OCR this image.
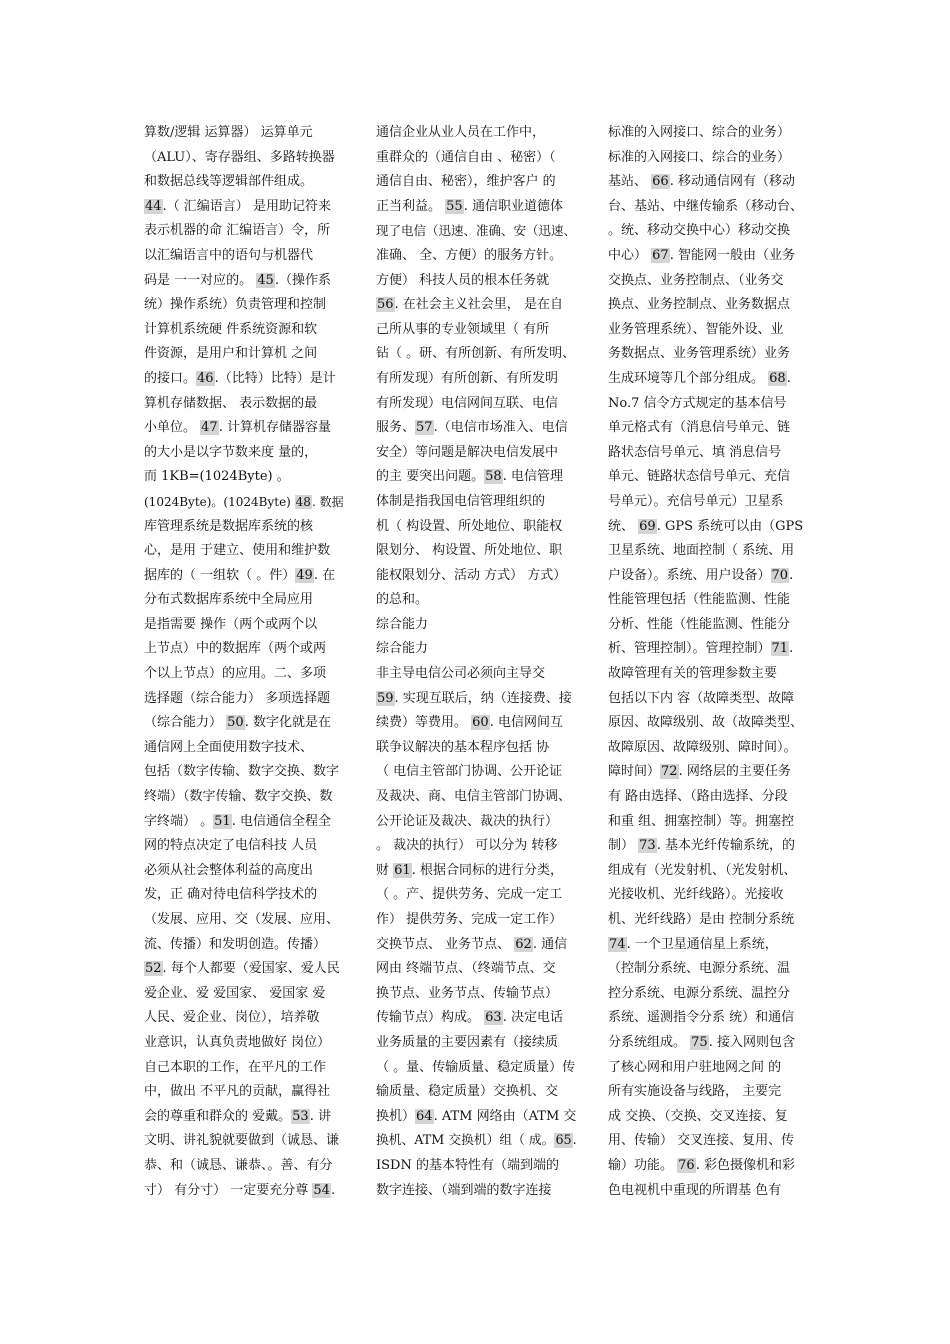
算数/逻辑 运算器） 运算单元
（ALU）、寄存器组、多路转换器
和数据总线等逻辑部件组成。
44.（ 汇编语言） 是用助记符来
表示机器的命 汇编语言）令，所
以汇编语言中的语句与机器代
码是 一一对应的。 45.（操作系
统）操作系统）负责管理和控制
计算机系统硬 件系统资源和软
件资源，是用户和计算机 之间
的接口。46.（比特）比特）是计
算机存储数据、 表示数据的最
小单位。 47. 计算机存储器容量
的大小是以字节数来度 量的，
而 1KB=(1024Byte) 。
(1024Byte)。(1024Byte) 48. 数据
库管理系统是数据库系统的核
心，是用 于建立、使用和维护数
据库的（ 一组软（ 。件）49. 在
分布式数据库系统中全局应用
是指需要 操作（两个或两个以
上节点）中的数据库（两个或两
个以上节点）的应用。二、多项
选择题（综合能力） 多项选择题
（综合能力） 50. 数字化就是在
通信网上全面使用数字技术、
包括（数字传输、数字交换、数字
终端）（数字传输、数字交换、数
字终端） 。51. 电信通信全程全
网的特点决定了电信科技 人员
必须从社会整体利益的高度出
发，正 确对待电信科学技术的
（发展、应用、交（发展、应用、
流、传播）和发明创造。传播）
52. 每个人都要（爱国家、爱人民
爱企业、爱 爱国家、 爱国家 爱
人民、爱企业、岗位），培养敬
业意识，认真负责地做好 岗位）
自己本职的工作，在平凡的工作
中，做出 不平凡的贡献，赢得社
会的尊重和群众的 爱戴。53. 讲
文明、讲礼貌就要做到（诚恳、谦
恭、和（诚恳、谦恭、。善、有分
寸） 有分寸） 一定要充分尊 54.
通信企业从业人员在工作中，
重群众的（通信自由 、秘密）（
通信自由、秘密），维护客户 的
正当利益。 55. 通信职业道德体
现了电信（迅速、准确、安（迅速、
准确、 全、方便）的服务方针。
方便） 科技人员的根本任务就
56. 在社会主义社会里， 是在自
己所从事的专业领域里（ 有所
钻（ 。研、有所创新、有所发明、
有所发现）有所创新、有所发明
有所发现）电信网间互联、电信
服务、57.（电信市场准入、电信
安全）等问题是解决电信发展中
的主 要突出问题。58. 电信管理
体制是指我国电信管理组织的
机（ 构设置、所处地位、职能权
限划分、 构设置、所处地位、职
能权限划分、活动 方式） 方式）
的总和。
综合能力
综合能力
非主导电信公司必须向主导交
59. 实现互联后，纳（连接费、接
续费）等费用。 60. 电信网间互
联争议解决的基本程序包括 协
（ 电信主管部门协调、公开论证
及裁决、商、电信主管部门协调、
公开论证及裁决、裁决的执行）
。 裁决的执行） 可以分为 转移
财 61. 根据合同标的进行分类，
（ 。产、提供劳务、完成一定工
作） 提供劳务、完成一定工作）
交换节点、 业务节点、 62. 通信
网由 终端节点、（终端节点、交
换节点、业务节点、传输节点）
传输节点）构成。 63. 决定电话
业务质量的主要因素有（接续质
（ 。量、传输质量、稳定质量）传
输质量、稳定质量）交换机、交
换机）64. ATM 网络由（ATM 交
换机、ATM 交换机）组（ 成。65.
ISDN 的基本特性有（端到端的
数字连接、（端到端的数字连接
标准的入网接口、综合的业务）
标准的入网接口、综合的业务）
基站、 66. 移动通信网有（移动
台、基站、中继传输系（移动台、
。统、移动交换中心）移动交换
中心） 67. 智能网一般由（业务
交换点、业务控制点、（业务交
换点、业务控制点、业务数据点
业务管理系统）、智能外设、业
务数据点、业务管理系统）业务
生成环境等几个部分组成。 68.
No.7 信令方式规定的基本信号
单元格式有（消息信号单元、链
路状态信号单元、填 消息信号
单元、链路状态信号单元、充信
号单元）。充信号单元）卫星系
统、 69. GPS 系统可以由（GPS
卫星系统、地面控制（ 系统、用
户设备）。系统、用户设备）70.
性能管理包括（性能监测、性能
分析、性能（性能监测、性能分
析、管理控制）。管理控制）71.
故障管理有关的管理参数主要
包括以下内 容（故障类型、故障
原因、故障级别、故（故障类型、
故障原因、故障级别、障时间）。
障时间）72. 网络层的主要任务
有 路由选择、（路由选择、分段
和重 组、拥塞控制）等。拥塞控
制） 73. 基本光纤传输系统，的
组成有（光发射机、（光发射机、
光接收机、光纤线路）。光接收
机、光纤线路）是由 控制分系统
74. 一个卫星通信星上系统，
（控制分系统、电源分系统、温
控分系统、电源分系统、温控分
系统、遥测指令分系 统）和通信
分系统组成。 75. 接入网则包含
了核心网和用户驻地网之间 的
所有实施设备与线路， 主要完
成 交换、（交换、交叉连接、复
用、传输） 交叉连接、复用、传
输）功能。 76. 彩色摄像机和彩
色电视机中重现的所谓基 色有
